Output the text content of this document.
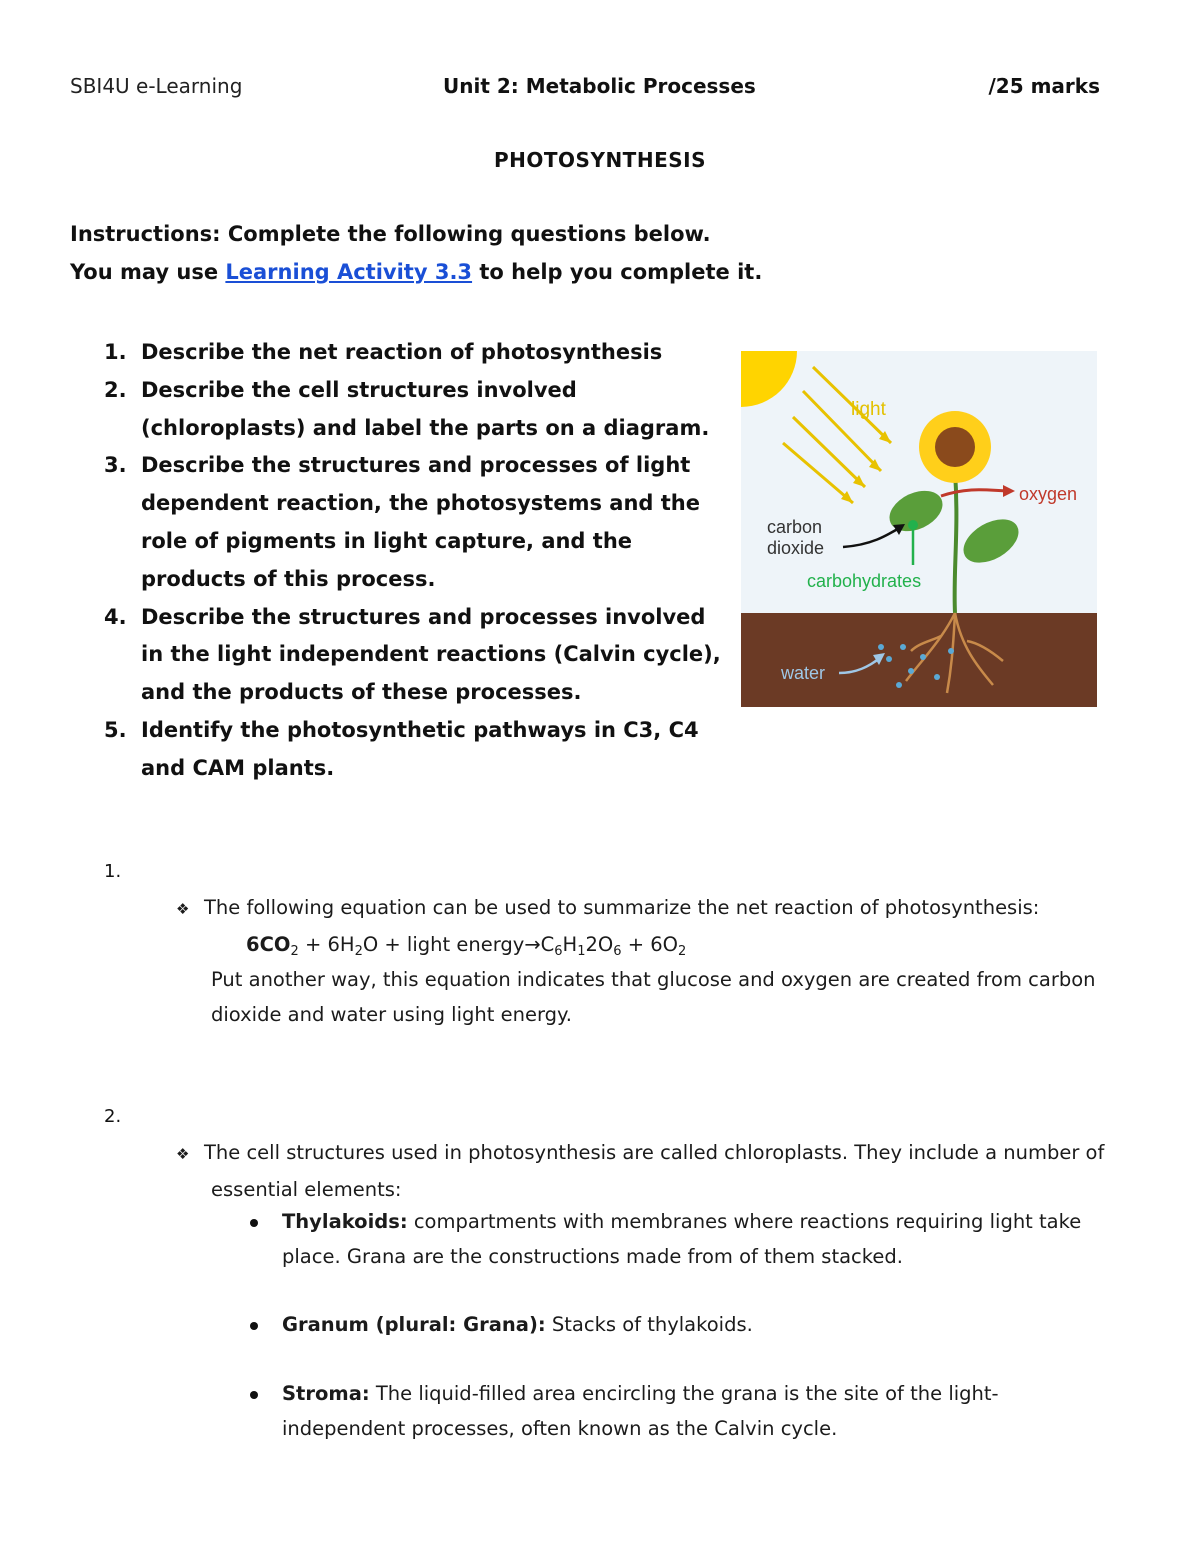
SBI4U e-Learning	Unit 2: Metabolic Processes	/25 marks
PHOTOSYNTHESIS
Instructions: Complete the following questions below.
You may use Learning Activity 3.3 to help you complete it.
1. Describe the net reaction of photosynthesis
2. Describe the cell structures involved (chloroplasts) and label the parts on a diagram.
3. Describe the structures and processes of light dependent reaction, the photosystems and the role of pigments in light capture, and the products of this process.
4. Describe the structures and processes involved in the light independent reactions (Calvin cycle), and the products of these processes.
5. Identify the photosynthetic pathways in C3, C4 and CAM plants.
light
oxygen
carbon
dioxide
carbohydrates
water
1.
❖ The following equation can be used to summarize the net reaction of photosynthesis:
$6CO_2 + 6H_2O$ + light $energy\to C_6H_12O_6 + 6O_2$
Put another way, this equation indicates that glucose and oxygen are created from carbon dioxide and water using light energy.
2.
❖ The cell structures used in photosynthesis are called chloroplasts. They include a number of essential elements:
Thylakoids: compartments with membranes where reactions requiring light take place. Grana are the constructions made from of them stacked.
Granum (plural: Grana): Stacks of thylakoids.
Stroma: The liquid-filled area encircling the grana is the site of the light-independent processes, often known as the Calvin cycle.
